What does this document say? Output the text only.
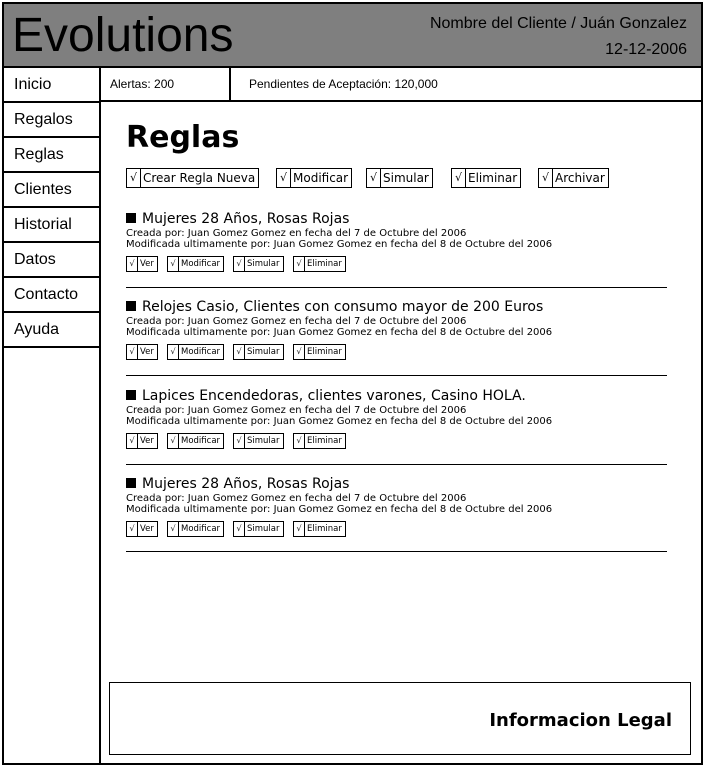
Evolutions	Nombre del Cliente / Juán Gonzalez
12-12-2006
Inicio
Regalos
Reglas
Clientes
Historial
Datos
Contacto
Ayuda
Alertas: 200	Pendientes de Aceptación: 120,000
Reglas
√ Crear Regla Nueva √ Modificar √ Simular √ Eliminar √ Archivar
Mujeres 28 Años, Rosas Rojas
Creada por: Juan Gomez Gomez en fecha del 7 de Octubre del 2006
Modificada ultimamente por: Juan Gomez Gomez en fecha del 8 de Octubre del 2006
√ Ver	√ Modificar	√ Simular	√ Eliminar
Relojes Casio, Clientes con consumo mayor de 200 Euros
Creada por: Juan Gomez Gomez en fecha del 7 de Octubre del 2006
Modificada ultimamente por: Juan Gomez Gomez en fecha del 8 de Octubre del 2006
√ Ver	√ Modificar	√ Simular	√ Eliminar
Lapices Encendedoras, clientes varones, Casino HOLA.
Creada por: Juan Gomez Gomez en fecha del 7 de Octubre del 2006
Modificada ultimamente por: Juan Gomez Gomez en fecha del 8 de Octubre del 2006
√ Ver	√ Modificar	√ Simular	√ Eliminar
Mujeres 28 Años, Rosas Rojas
Creada por: Juan Gomez Gomez en fecha del 7 de Octubre del 2006
Modificada ultimamente por: Juan Gomez Gomez en fecha del 8 de Octubre del 2006
√ Ver	√ Modificar	√ Simular	√ Eliminar
Informacion Legal
